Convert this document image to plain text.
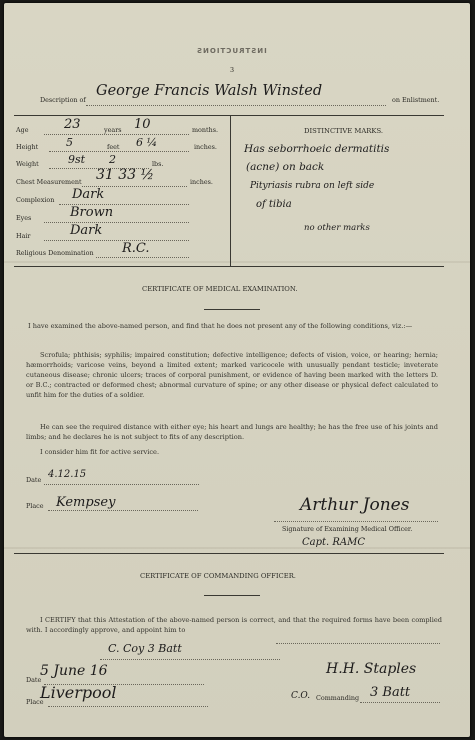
INSTRUCTIONS
3
Description of
George Francis Walsh Winsted
on Enlistment.
Age	23	years 10	months.
Height	5	feet 6 ¼	inches.
Weight	9st 2	lbs.
Chest Measurement 31 33 ½	inches.
Complexion Dark
Eyes	Brown
Hair	Dark
Religious Denomination R.C.
DISTINCTIVE MARKS.
Has seborrhoeic dermatitis
(acne) on back
Pityriasis rubra on left side
of tibia
no other marks
CERTIFICATE OF MEDICAL EXAMINATION.
I have examined the above-named person, and find that he does not present any of the following conditions, viz.:—
Scrofula; phthisis; syphilis; impaired constitution; defective intelligence; defects of vision, voice, or hearing; hernia; hæmorrhoids; varicose veins, beyond a limited extent; marked varicocele with unusually pendant testicle; inveterate cutaneous disease; chronic ulcers; traces of corporal punishment, or evidence of having been marked with the letters D. or B.C.; contracted or deformed chest; abnormal curvature of spine; or any other disease or physical defect calculated to unfit him for the duties of a soldier.
He can see the required distance with either eye; his heart and lungs are healthy; he has the free use of his joints and limbs; and he declares he is not subject to fits of any description.
I consider him fit for active service.
Date 4.12.15
Place Kempsey	Arthur Jones
Signature of Examining Medical Officer.
Capt. RAMC
CERTIFICATE OF COMMANDING OFFICER.
I CERTIFY that this Attestation of the above-named person is correct, and that the required forms have been complied with. I accordingly approve, and appoint him to
C. Coy 3 Batt
Date
5 June 16
Place
Liverpool
H.H. Staples
C.O. Commanding 3 Batt
